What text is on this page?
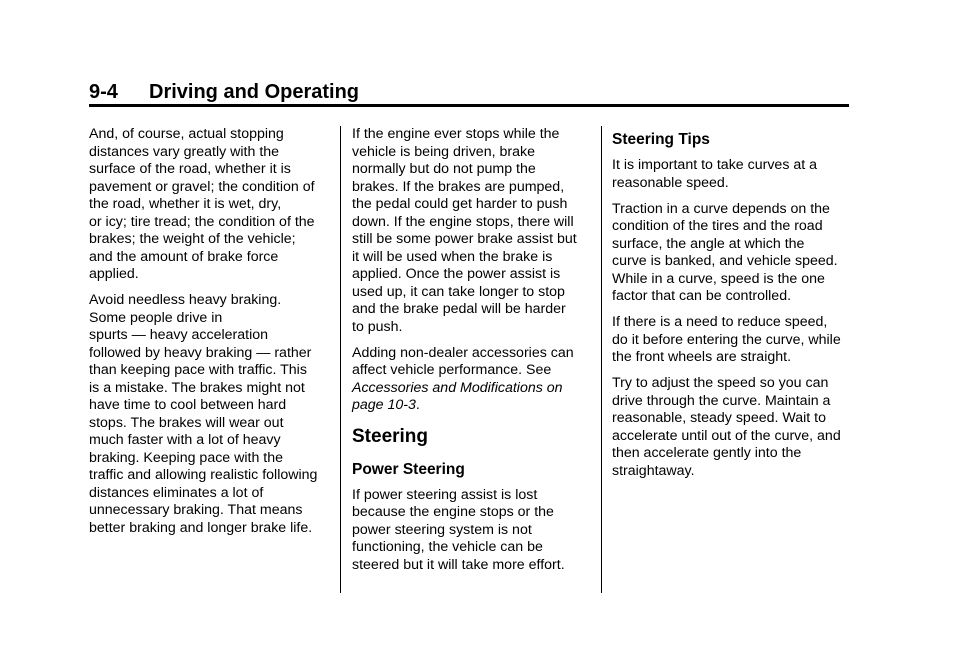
9-4 Driving and Operating

And, of course, actual stopping
distances vary greatly with the
surface of the road, whether it is
pavement or gravel; the condition of
the road, whether it is wet, dry,
or icy; tire tread; the condition of the
brakes; the weight of the vehicle;
and the amount of brake force
applied.

Avoid needless heavy braking.
Some people drive in
spurts — heavy acceleration
followed by heavy braking — rather
than keeping pace with traffic. This
is a mistake. The brakes might not
have time to cool between hard
stops. The brakes will wear out
much faster with a lot of heavy
braking. Keeping pace with the
traffic and allowing realistic following
distances eliminates a lot of
unnecessary braking. That means
better braking and longer brake life.

If the engine ever stops while the
vehicle is being driven, brake
normally but do not pump the
brakes. If the brakes are pumped,
the pedal could get harder to push
down. If the engine stops, there will
still be some power brake assist but
it will be used when the brake is
applied. Once the power assist is
used up, it can take longer to stop
and the brake pedal will be harder
to push.

Adding non-dealer accessories can
affect vehicle performance. See
Accessories and Modifications on
page 10-3.

Steering
Power Steering

If power steering assist is lost
because the engine stops or the
power steering system is not
functioning, the vehicle can be
steered but it will take more effort.

Steering Tips

It is important to take curves at a
reasonable speed.

Traction in a curve depends on the
condition of the tires and the road
surface, the angle at which the
curve is banked, and vehicle speed.
While in a curve, speed is the one
factor that can be controlled.

If there is a need to reduce speed,
do it before entering the curve, while
the front wheels are straight.

Try to adjust the speed so you can
drive through the curve. Maintain a
reasonable, steady speed. Wait to
accelerate until out of the curve, and
then accelerate gently into the
straightaway.
